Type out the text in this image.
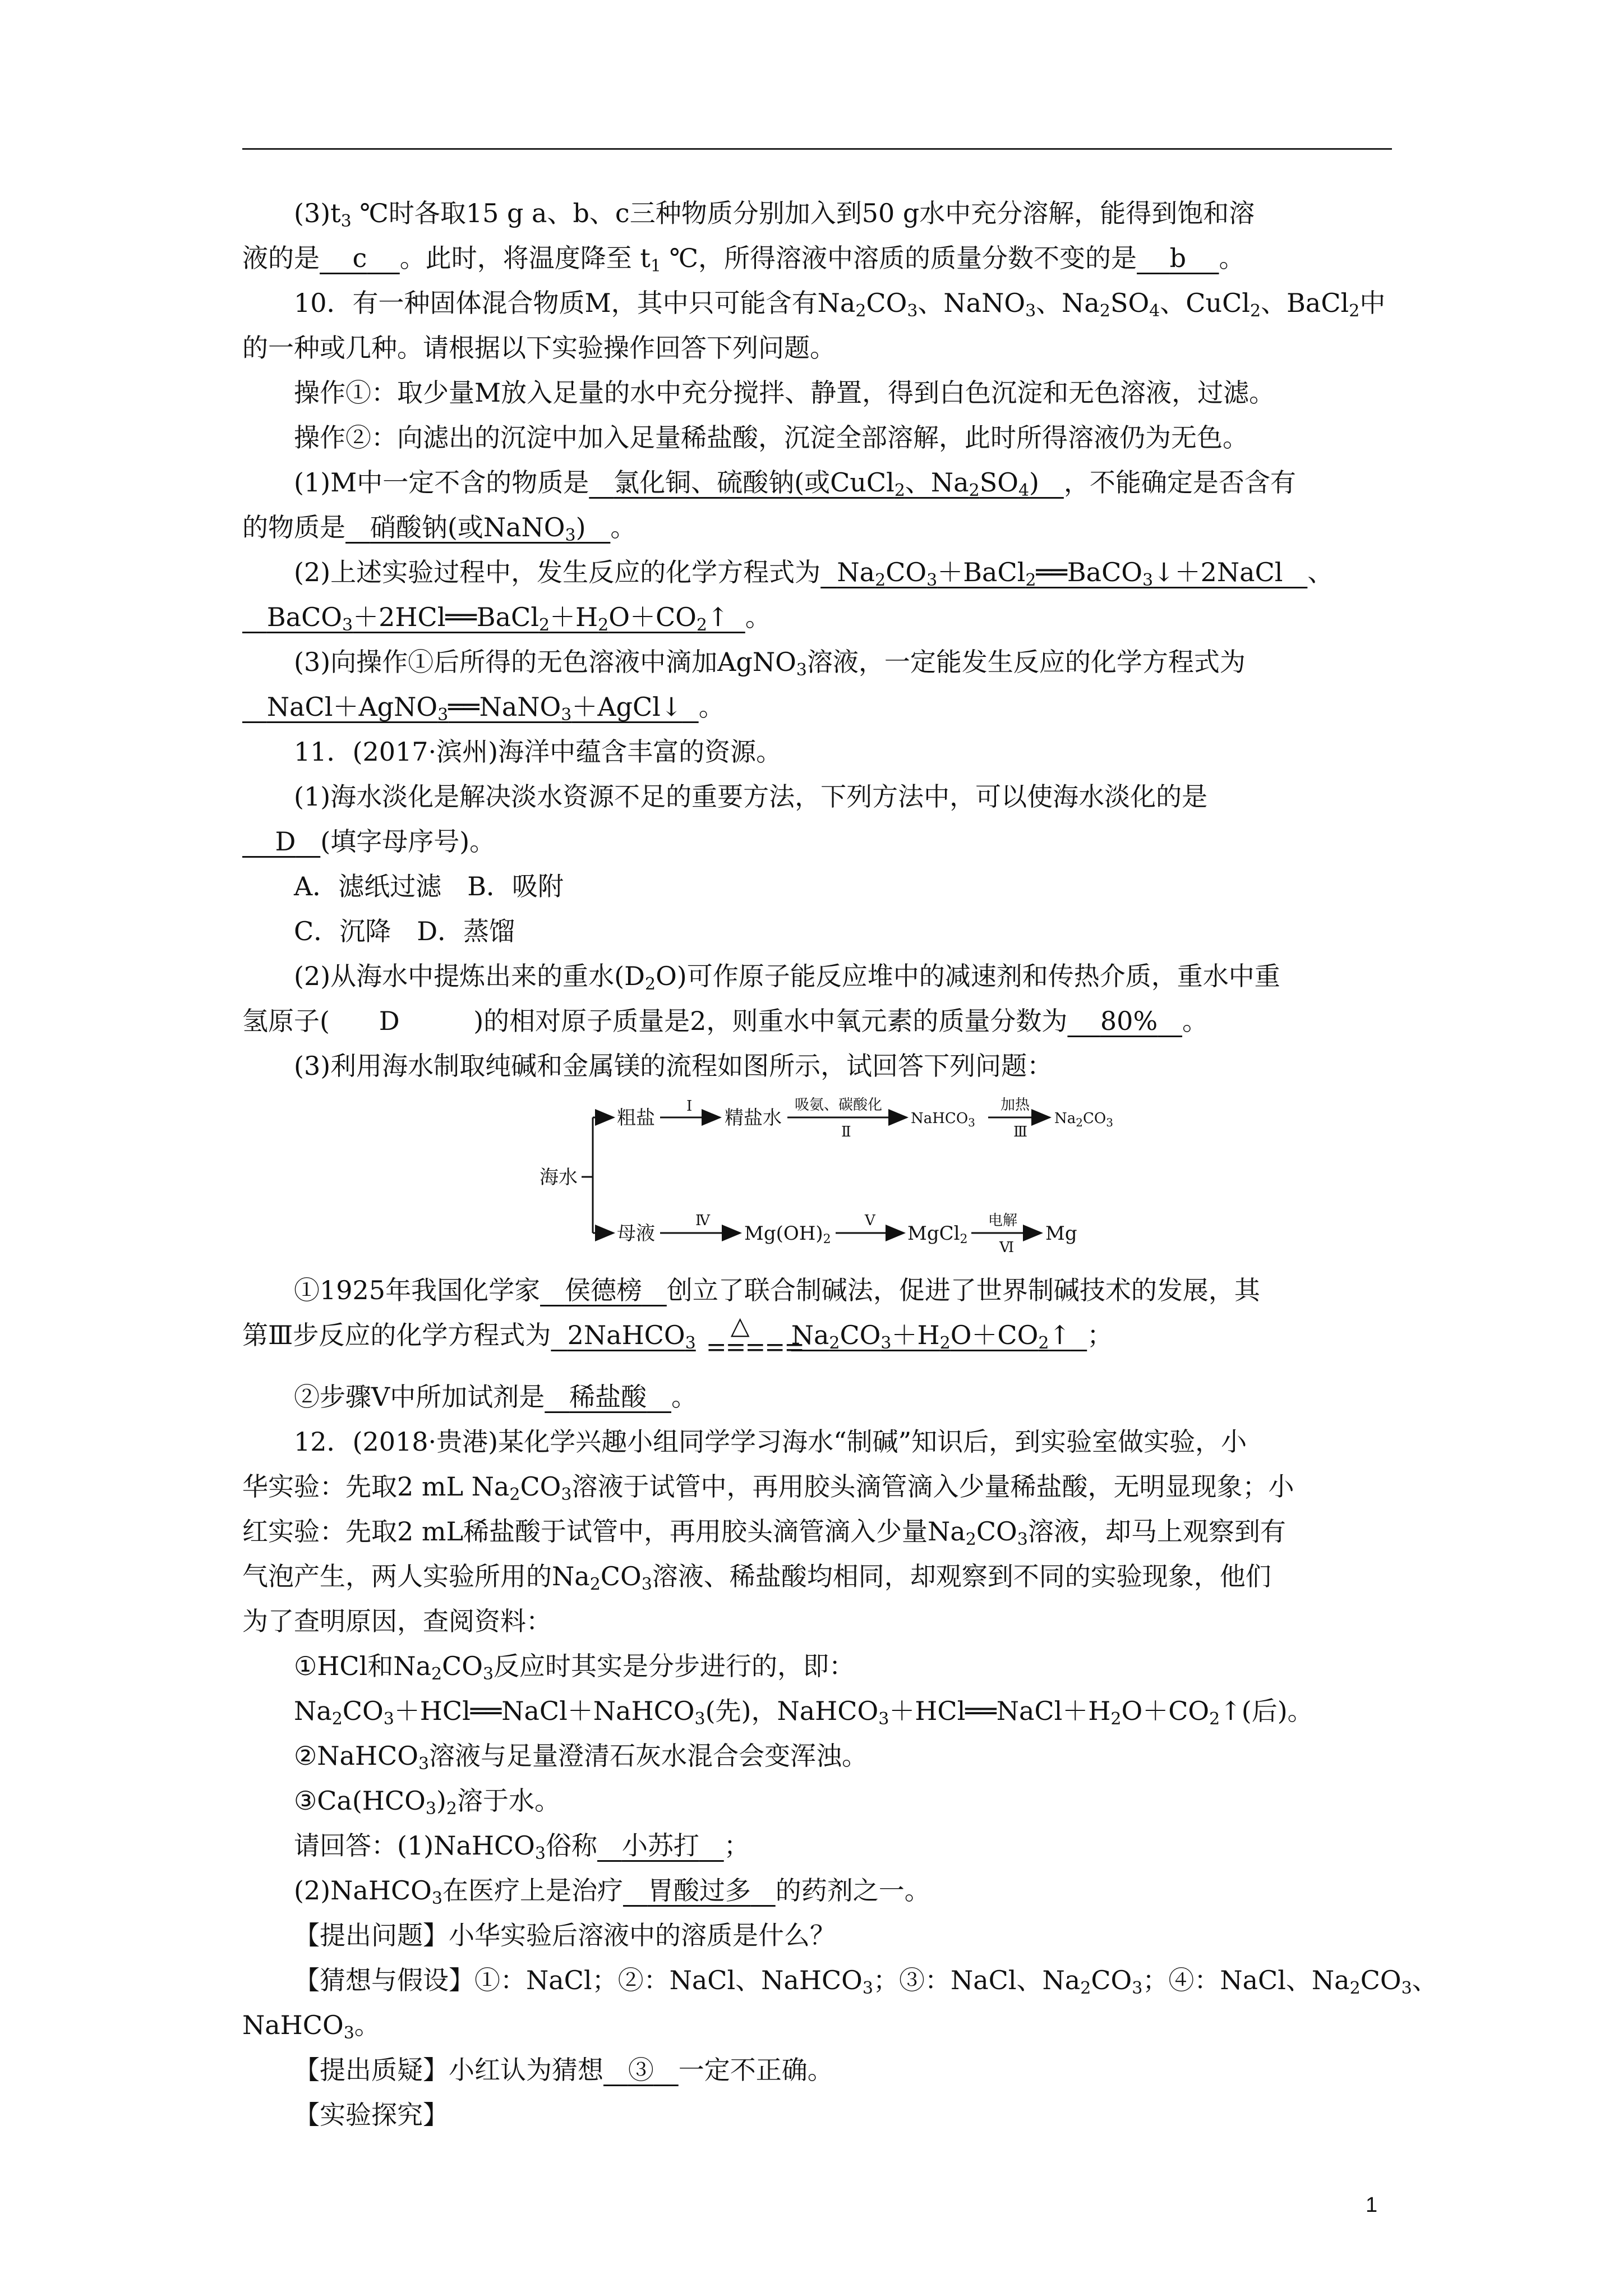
$(3)t_3$ ℃时各取15 g a、b、c三种物质分别加入到50 g水中充分溶解，能得到饱和溶
液的是 c 。此时，将温度降至 $t_1$ ℃，所得溶液中溶质的质量分数不变的是 b 。
10．有一种固体混合物质M，其中只可能含有$Na_2CO_3$、NaNO$_3$、$Na_2SO_4$、CuCl$_2$、BaCl$_2$中
的一种或几种。请根据以下实验操作回答下列问题。
操作①：取少量M放入足量的水中充分搅拌、静置，得到白色沉淀和无色溶液，过滤。
操作②：向滤出的沉淀中加入足量稀盐酸，沉淀全部溶解，此时所得溶液仍为无色。
(1)M中一定不含的物质是 氯化铜、硫酸钠(或CuCl$_2$、$Na_2SO_4$) ，不能确定是否含有
的物质是 硝酸钠(或NaNO$_3$) 。
(2)上述实验过程中，发生反应的化学方程式为 $Na_2CO_3+BaCl_2══BaCO_3↓+2NaCl$ 、
$BaCO_3+2HCl══BaCl_2+H_2O+CO_2↑$ 。
(3)向操作①后所得的无色溶液中滴加AgNO$_3$溶液，一定能发生反应的化学方程式为
NaCl＋AgNO$_3$══NaNO$_3$＋AgCl↓ 。
11．(2017·滨州)海洋中蕴含丰富的资源。
(1)海水淡化是解决淡水资源不足的重要方法，下列方法中，可以使海水淡化的是
D (填字母序号)。
A．滤纸过滤　B．吸附
C．沉降　D．蒸馏
(2)从海水中提炼出来的重水$(D_2O)$可作原子能反应堆中的减速剂和传热介质，重水中重
氢原子( D	)的相对原子质量是2，则重水中氧元素的质量分数为 80% 。
(3)利用海水制取纯碱和金属镁的流程如图所示，试回答下列问题：
海水
粗盐
Ⅰ
精盐水
吸氨、碳酸化
Ⅱ
NaHCO$_3$
加热
Ⅲ
$Na_2CO_3$
母液
Ⅳ
Mg(OH)2
Ⅴ
MgCl2
电解
Ⅵ
Mg
①1925年我国化学家 侯德榜 创立了联合制碱法，促进了世界制碱技术的发展，其
第Ⅲ步反应的化学方程式为 2NaHCO$_3$
△
=====
$Na_2CO_3+H_2O+CO_2↑$ ；
②步骤Ⅴ中所加试剂是 稀盐酸 。
12．(2018·贵港)某化学兴趣小组同学学习海水“制碱”知识后，到实验室做实验，小
华实验：先取2 mL $Na_2CO_3$溶液于试管中，再用胶头滴管滴入少量稀盐酸，无明显现象；小
红实验：先取2 mL稀盐酸于试管中，再用胶头滴管滴入少量$Na_2CO_3$溶液，却马上观察到有
气泡产生，两人实验所用的$Na_2CO_3$溶液、稀盐酸均相同，却观察到不同的实验现象，他们
为了查明原因，查阅资料：
①HCl和$Na_2CO_3$反应时其实是分步进行的，即：
$Na_2CO_3+HCl══NaCl+NaHCO_3$(先)，$NaHCO_3+HCl══NaCl+H_2O+CO_2↑$(后)。
②NaHCO$_3$溶液与足量澄清石灰水混合会变浑浊。
$③Ca(HCO_3)_2$溶于水。
请回答：(1)NaHCO$_3$俗称 小苏打 ；
(2)NaHCO$_3$在医疗上是治疗 胃酸过多 的药剂之一。
【提出问题】小华实验后溶液中的溶质是什么？
【猜想与假设】①：NaCl；②：NaCl、NaHCO$_3$；③：NaCl、$Na_2CO_3$；④：NaCl、$Na_2CO_3$、
NaHCO$_3$。
【提出质疑】小红认为猜想 ③ 一定不正确。
【实验探究】
1
